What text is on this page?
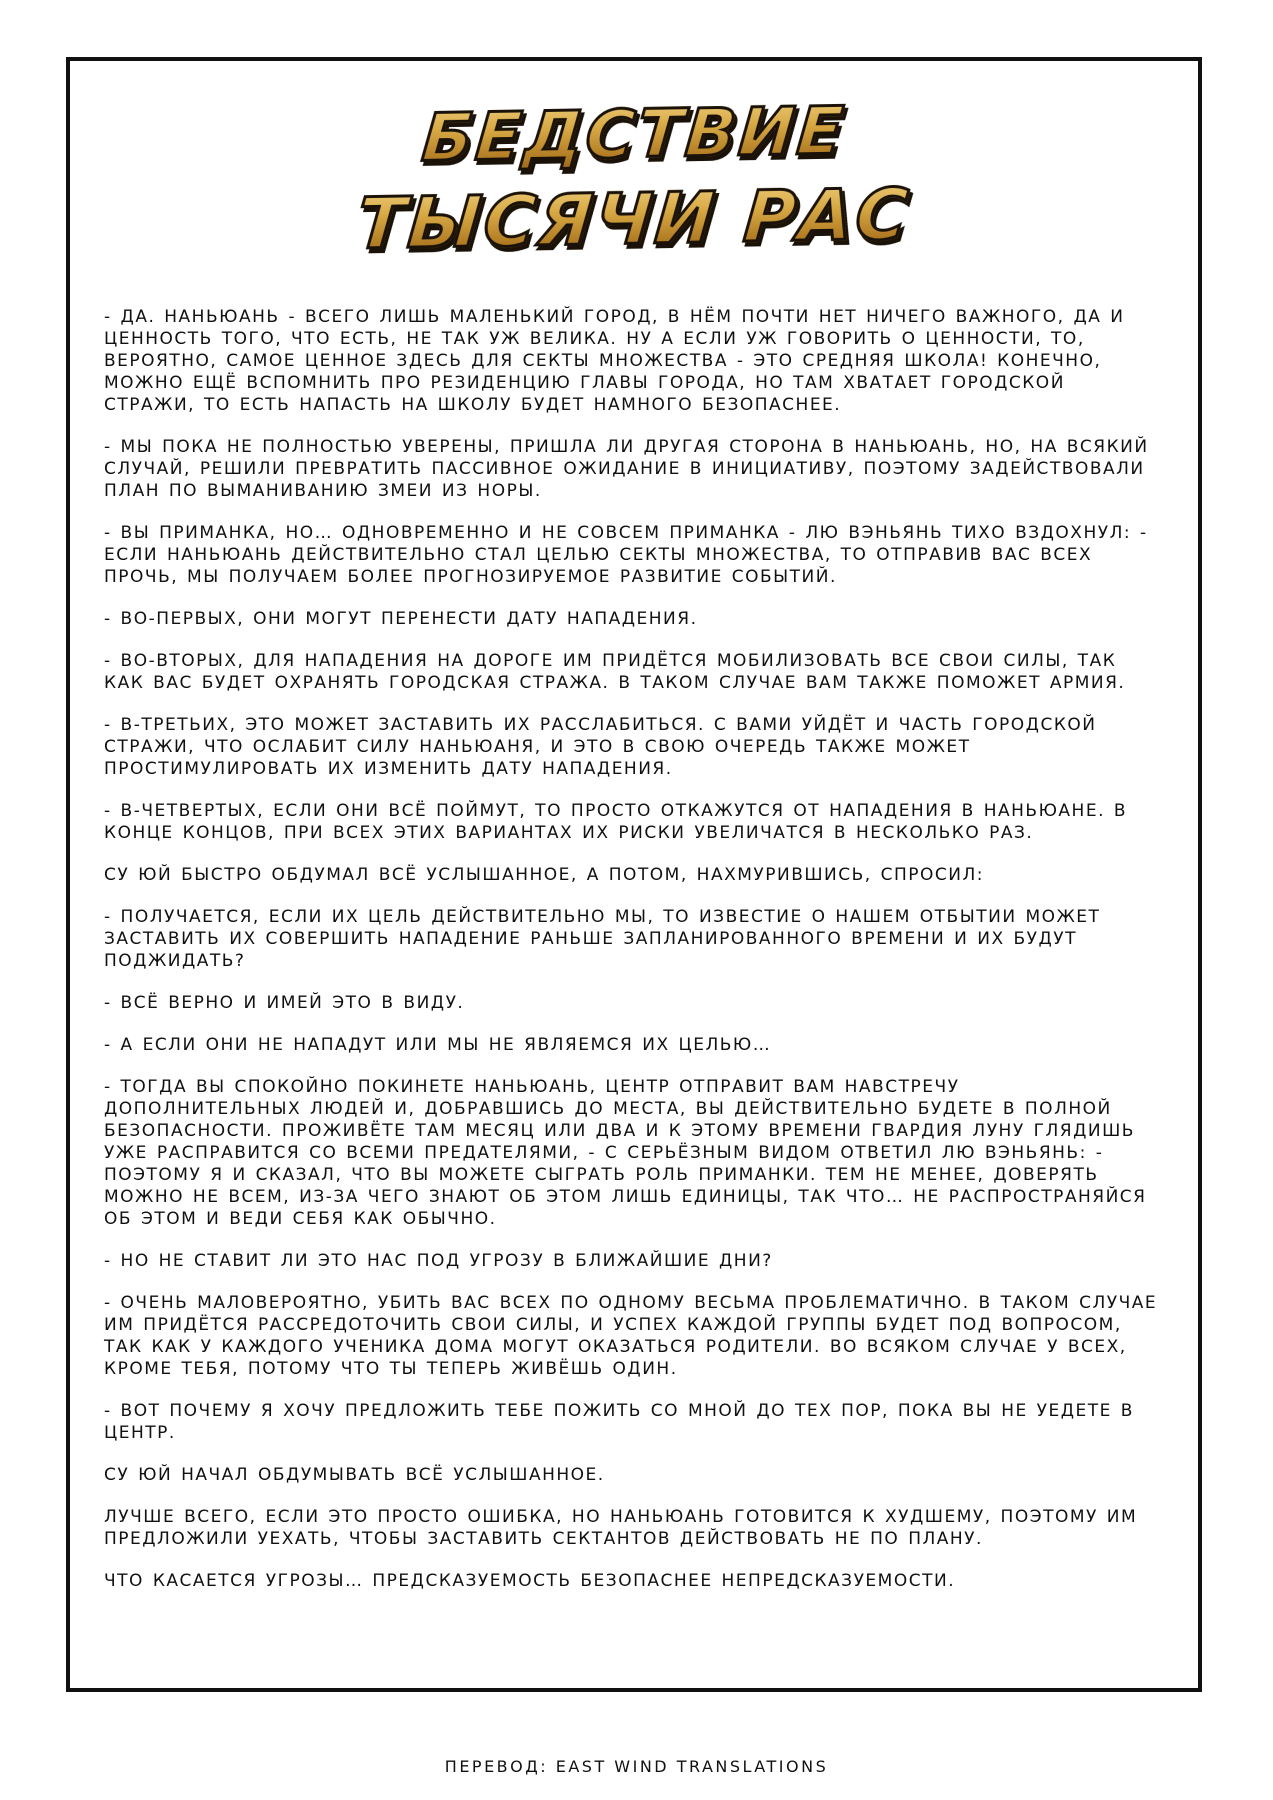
БЕДСТВИЕ
ТЫСЯЧИ РАС

- ДА. НАНЬЮАНЬ - ВСЕГО ЛИШЬ МАЛЕНЬКИЙ ГОРОД, В НЁМ ПОЧТИ НЕТ НИЧЕГО ВАЖНОГО, ДА И ЦЕННОСТЬ ТОГО, ЧТО ЕСТЬ, НЕ ТАК УЖ ВЕЛИКА. НУ А ЕСЛИ УЖ ГОВОРИТЬ О ЦЕННОСТИ, ТО, ВЕРОЯТНО, САМОЕ ЦЕННОЕ ЗДЕСЬ ДЛЯ СЕКТЫ МНОЖЕСТВА - ЭТО СРЕДНЯЯ ШКОЛА! КОНЕЧНО, МОЖНО ЕЩЁ ВСПОМНИТЬ ПРО РЕЗИДЕНЦИЮ ГЛАВЫ ГОРОДА, НО ТАМ ХВАТАЕТ ГОРОДСКОЙ СТРАЖИ, ТО ЕСТЬ НАПАСТЬ НА ШКОЛУ БУДЕТ НАМНОГО БЕЗОПАСНЕЕ.

- МЫ ПОКА НЕ ПОЛНОСТЬЮ УВЕРЕНЫ, ПРИШЛА ЛИ ДРУГАЯ СТОРОНА В НАНЬЮАНЬ, НО, НА ВСЯКИЙ СЛУЧАЙ, РЕШИЛИ ПРЕВРАТИТЬ ПАССИВНОЕ ОЖИДАНИЕ В ИНИЦИАТИВУ, ПОЭТОМУ ЗАДЕЙСТВОВАЛИ ПЛАН ПО ВЫМАНИВАНИЮ ЗМЕИ ИЗ НОРЫ.

- ВЫ ПРИМАНКА, НО… ОДНОВРЕМЕННО И НЕ СОВСЕМ ПРИМАНКА - ЛЮ ВЭНЬЯНЬ ТИХО ВЗДОХНУЛ: - ЕСЛИ НАНЬЮАНЬ ДЕЙСТВИТЕЛЬНО СТАЛ ЦЕЛЬЮ СЕКТЫ МНОЖЕСТВА, ТО ОТПРАВИВ ВАС ВСЕХ ПРОЧЬ, МЫ ПОЛУЧАЕМ БОЛЕЕ ПРОГНОЗИРУЕМОЕ РАЗВИТИЕ СОБЫТИЙ.

- ВО-ПЕРВЫХ, ОНИ МОГУТ ПЕРЕНЕСТИ ДАТУ НАПАДЕНИЯ.

- ВО-ВТОРЫХ, ДЛЯ НАПАДЕНИЯ НА ДОРОГЕ ИМ ПРИДЁТСЯ МОБИЛИЗОВАТЬ ВСЕ СВОИ СИЛЫ, ТАК КАК ВАС БУДЕТ ОХРАНЯТЬ ГОРОДСКАЯ СТРАЖА. В ТАКОМ СЛУЧАЕ ВАМ ТАКЖЕ ПОМОЖЕТ АРМИЯ.

- В-ТРЕТЬИХ, ЭТО МОЖЕТ ЗАСТАВИТЬ ИХ РАССЛАБИТЬСЯ. С ВАМИ УЙДЁТ И ЧАСТЬ ГОРОДСКОЙ СТРАЖИ, ЧТО ОСЛАБИТ СИЛУ НАНЬЮАНЯ, И ЭТО В СВОЮ ОЧЕРЕДЬ ТАКЖЕ МОЖЕТ ПРОСТИМУЛИРОВАТЬ ИХ ИЗМЕНИТЬ ДАТУ НАПАДЕНИЯ.

- В-ЧЕТВЕРТЫХ, ЕСЛИ ОНИ ВСЁ ПОЙМУТ, ТО ПРОСТО ОТКАЖУТСЯ ОТ НАПАДЕНИЯ В НАНЬЮАНЕ. В КОНЦЕ КОНЦОВ, ПРИ ВСЕХ ЭТИХ ВАРИАНТАХ ИХ РИСКИ УВЕЛИЧАТСЯ В НЕСКОЛЬКО РАЗ.

СУ ЮЙ БЫСТРО ОБДУМАЛ ВСЁ УСЛЫШАННОЕ, А ПОТОМ, НАХМУРИВШИСЬ, СПРОСИЛ:

- ПОЛУЧАЕТСЯ, ЕСЛИ ИХ ЦЕЛЬ ДЕЙСТВИТЕЛЬНО МЫ, ТО ИЗВЕСТИЕ О НАШЕМ ОТБЫТИИ МОЖЕТ ЗАСТАВИТЬ ИХ СОВЕРШИТЬ НАПАДЕНИЕ РАНЬШЕ ЗАПЛАНИРОВАННОГО ВРЕМЕНИ И ИХ БУДУТ ПОДЖИДАТЬ?

- ВСЁ ВЕРНО И ИМЕЙ ЭТО В ВИДУ.

- А ЕСЛИ ОНИ НЕ НАПАДУТ ИЛИ МЫ НЕ ЯВЛЯЕМСЯ ИХ ЦЕЛЬЮ…

- ТОГДА ВЫ СПОКОЙНО ПОКИНЕТЕ НАНЬЮАНЬ, ЦЕНТР ОТПРАВИТ ВАМ НАВСТРЕЧУ ДОПОЛНИТЕЛЬНЫХ ЛЮДЕЙ И, ДОБРАВШИСЬ ДО МЕСТА, ВЫ ДЕЙСТВИТЕЛЬНО БУДЕТЕ В ПОЛНОЙ БЕЗОПАСНОСТИ. ПРОЖИВЁТЕ ТАМ МЕСЯЦ ИЛИ ДВА И К ЭТОМУ ВРЕМЕНИ ГВАРДИЯ ЛУНУ ГЛЯДИШЬ УЖЕ РАСПРАВИТСЯ СО ВСЕМИ ПРЕДАТЕЛЯМИ, - С СЕРЬЁЗНЫМ ВИДОМ ОТВЕТИЛ ЛЮ ВЭНЬЯНЬ: - ПОЭТОМУ Я И СКАЗАЛ, ЧТО ВЫ МОЖЕТЕ СЫГРАТЬ РОЛЬ ПРИМАНКИ. ТЕМ НЕ МЕНЕЕ, ДОВЕРЯТЬ МОЖНО НЕ ВСЕМ, ИЗ-ЗА ЧЕГО ЗНАЮТ ОБ ЭТОМ ЛИШЬ ЕДИНИЦЫ, ТАК ЧТО… НЕ РАСПРОСТРАНЯЙСЯ ОБ ЭТОМ И ВЕДИ СЕБЯ КАК ОБЫЧНО.

- НО НЕ СТАВИТ ЛИ ЭТО НАС ПОД УГРОЗУ В БЛИЖАЙШИЕ ДНИ?

- ОЧЕНЬ МАЛОВЕРОЯТНО, УБИТЬ ВАС ВСЕХ ПО ОДНОМУ ВЕСЬМА ПРОБЛЕМАТИЧНО. В ТАКОМ СЛУЧАЕ ИМ ПРИДЁТСЯ РАССРЕДОТОЧИТЬ СВОИ СИЛЫ, И УСПЕХ КАЖДОЙ ГРУППЫ БУДЕТ ПОД ВОПРОСОМ, ТАК КАК У КАЖДОГО УЧЕНИКА ДОМА МОГУТ ОКАЗАТЬСЯ РОДИТЕЛИ. ВО ВСЯКОМ СЛУЧАЕ У ВСЕХ, КРОМЕ ТЕБЯ, ПОТОМУ ЧТО ТЫ ТЕПЕРЬ ЖИВЁШЬ ОДИН.

- ВОТ ПОЧЕМУ Я ХОЧУ ПРЕДЛОЖИТЬ ТЕБЕ ПОЖИТЬ СО МНОЙ ДО ТЕХ ПОР, ПОКА ВЫ НЕ УЕДЕТЕ В ЦЕНТР.

СУ ЮЙ НАЧАЛ ОБДУМЫВАТЬ ВСЁ УСЛЫШАННОЕ.

ЛУЧШЕ ВСЕГО, ЕСЛИ ЭТО ПРОСТО ОШИБКА, НО НАНЬЮАНЬ ГОТОВИТСЯ К ХУДШЕМУ, ПОЭТОМУ ИМ ПРЕДЛОЖИЛИ УЕХАТЬ, ЧТОБЫ ЗАСТАВИТЬ СЕКТАНТОВ ДЕЙСТВОВАТЬ НЕ ПО ПЛАНУ.

ЧТО КАСАЕТСЯ УГРОЗЫ… ПРЕДСКАЗУЕМОСТЬ БЕЗОПАСНЕЕ НЕПРЕДСКАЗУЕМОСТИ.

ПЕРЕВОД: EAST WIND TRANSLATIONS
